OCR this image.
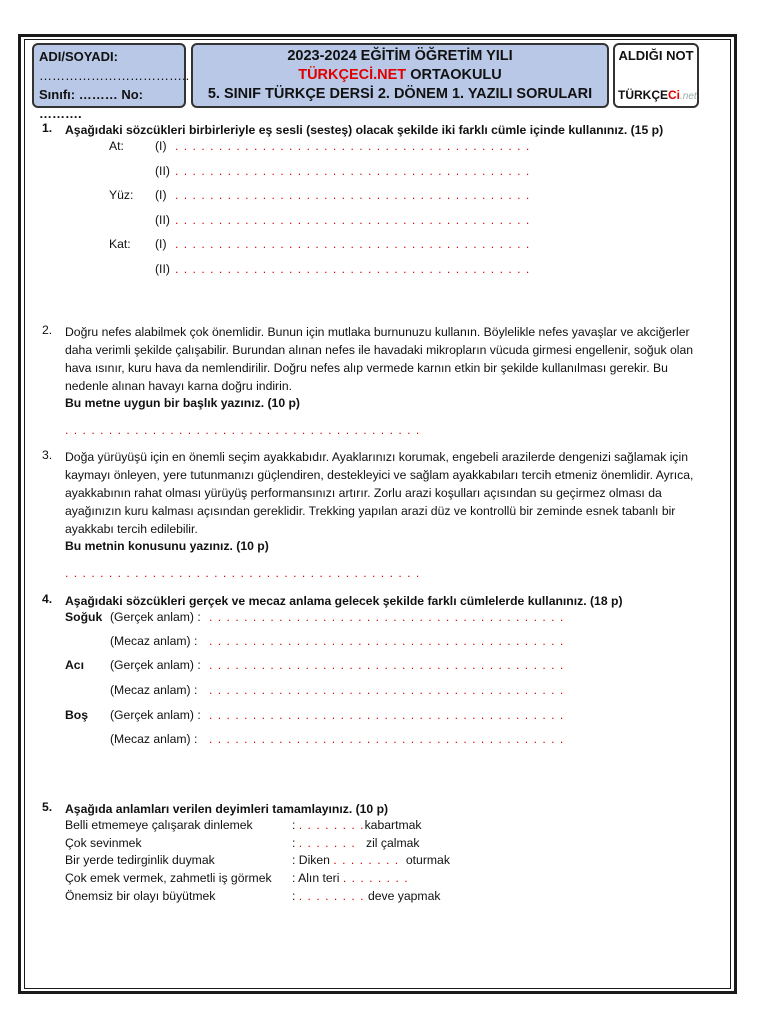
ADI/SOYADI:
……………………………..
Sınıfı: ……… No: ……….
2023-2024 EĞİTİM ÖĞRETİM YILI
TÜRKÇECİ.NET ORTAOKULU
5. SINIF TÜRKÇE DERSİ 2. DÖNEM 1. YAZILI SORULARI
ALDIĞI NOT
TÜRKÇECi.net
1.	Aşağıdaki sözcükleri birbirleriyle eş sesli (sesteş) olacak şekilde iki farklı cümle içinde kullanınız. (15 p)
At:	(I) . . . . . . . . . . . . . . . . . . . . . . . . . . . . . . . . . . . . . . . . .
(II) . . . . . . . . . . . . . . . . . . . . . . . . . . . . . . . . . . . . . . . . .
Yüz: (I) . . . . . . . . . . . . . . . . . . . . . . . . . . . . . . . . . . . . . . . . .
(II) . . . . . . . . . . . . . . . . . . . . . . . . . . . . . . . . . . . . . . . . .
Kat: (I) . . . . . . . . . . . . . . . . . . . . . . . . . . . . . . . . . . . . . . . . .
(II) . . . . . . . . . . . . . . . . . . . . . . . . . . . . . . . . . . . . . . . . .
2.	Doğru nefes alabilmek çok önemlidir. Bunun için mutlaka burnunuzu kullanın. Böylelikle nefes yavaşlar ve akciğerler daha verimli şekilde çalışabilir. Burundan alınan nefes ile havadaki mikropların vücuda girmesi engellenir, soğuk olan hava ısınır, kuru hava da nemlendirilir. Doğru nefes alıp vermede karnın etkin bir şekilde kullanılması gerekir. Bu nedenle alınan havayı karna doğru indirin.
Bu metne uygun bir başlık yazınız. (10 p)
. . . . . . . . . . . . . . . . . . . . . . . . . . . . . . . . . . . . . . . . .
3.	Doğa yürüyüşü için en önemli seçim ayakkabıdır. Ayaklarınızı korumak, engebeli arazilerde dengenizi sağlamak için kaymayı önleyen, yere tutunmanızı güçlendiren, destekleyici ve sağlam ayakkabıları tercih etmeniz önemlidir. Ayrıca, ayakkabının rahat olması yürüyüş performansınızı artırır. Zorlu arazi koşulları açısından su geçirmez olması da ayağınızın kuru kalması açısından gereklidir. Trekking yapılan arazi düz ve kontrollü bir zeminde esnek tabanlı bir ayakkabı tercih edilebilir.
Bu metnin konusunu yazınız. (10 p)
. . . . . . . . . . . . . . . . . . . . . . . . . . . . . . . . . . . . . . . . .
4.	Aşağıdaki sözcükleri gerçek ve mecaz anlama gelecek şekilde farklı cümlelerde kullanınız. (18 p)
Soğuk (Gerçek anlam) : . . . . . . . . . . . . . . . . . . . . . . . . . . . . . . . . . . . . . . . . .
(Mecaz anlam) : . . . . . . . . . . . . . . . . . . . . . . . . . . . . . . . . . . . . . . . . .
Acı (Gerçek anlam) : . . . . . . . . . . . . . . . . . . . . . . . . . . . . . . . . . . . . . . . . .
(Mecaz anlam) : . . . . . . . . . . . . . . . . . . . . . . . . . . . . . . . . . . . . . . . . .
Boş (Gerçek anlam) : . . . . . . . . . . . . . . . . . . . . . . . . . . . . . . . . . . . . . . . . .
(Mecaz anlam) : . . . . . . . . . . . . . . . . . . . . . . . . . . . . . . . . . . . . . . . . .
5.	Aşağıda anlamları verilen deyimleri tamamlayınız. (10 p)
Belli etmemeye çalışarak dinlemek	: . . . . . . . .kabartmak
Çok sevinmek	: . . . . . . .   zil çalmak
Bir yerde tedirginlik duymak	: Diken . . . . . . . .  oturmak
Çok emek vermek, zahmetli iş görmek : Alın teri . . . . . . . .
Önemsiz bir olayı büyütmek	: . . . . . . . . deve yapmak
